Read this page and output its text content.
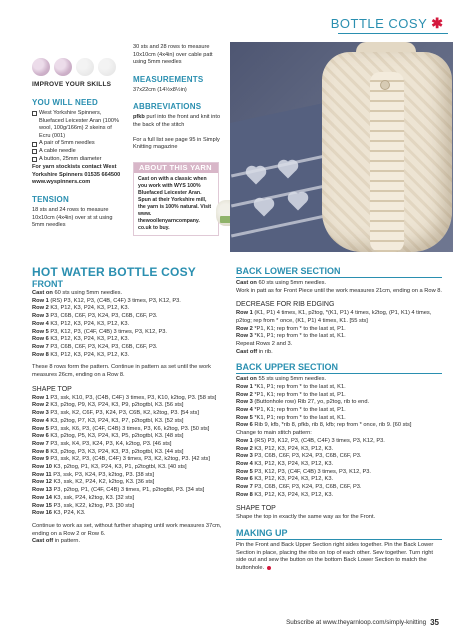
BOTTLE COSY ✱
IMPROVE YOUR SKILLS
YOU WILL NEED
West Yorkshire Spinners, Bluefaced Leicester Aran (100% wool, 100g/166m) 2 skeins of Ecru (001)
A pair of 5mm needles
A cable needle
A button, 25mm diameter
For yarn stockists contact West Yorkshire Spinners 01535 664500 www.wyspinners.com
TENSION
18 sts and 24 rows to measure 10x10cm (4x4in) over st st using 5mm needles
30 sts and 28 rows to measure 10x10cm (4x4in) over cable patt using 5mm needles
MEASUREMENTS
37x22cm (14½x8½in)
ABBREVIATIONS
pfkb purl into the front and knit into the back of the stitch
For a full list see page 95 in Simply Knitting magazine
ABOUT THIS YARN
Cast on with a classic when you work with WYS 100% Bluefaced Leicester Aran. Spun at their Yorkshire mill, the yarn is 100% natural. Visit www. thewoollenyarncompany. co.uk to buy.
HOT WATER BOTTLE COSY
FRONT
Cast on 60 sts using 5mm needles.
Row 1 (RS) P3, K12, P3, (C4B, C4F) 3 times, P3, K12, P3.
Row 2 K3, P12, K3, P24, K3, P12, K3.
Row 3 P3, C6B, C6F, P3, K24, P3, C6B, C6F, P3.
Row 4 K3, P12, K3, P24, K3, P12, K3.
Row 5 P3, K12, P3, (C4F, C4B) 3 times, P3, K12, P3.
Row 6 K3, P12, K3, P24, K3, P12, K3.
Row 7 P3, C6B, C6F, P3, K24, P3, C6B, C6F, P3.
Row 8 K3, P12, K3, P24, K3, P12, K3.
These 8 rows form the pattern. Continue in pattern as set until the work measures 26cm, ending on a Row 8.
SHAPE TOP
Row 1 P3, ssk, K10, P3, (C4B, C4F) 3 times, P3, K10, k2tog, P3. [58 sts]
Row 2 K3, p2tog, P9, K3, P24, K3, P9, p2togtbl, K3. [56 sts]
Row 3 P3, ssk, K2, C6F, P3, K24, P3, C6B, K2, k2tog, P3. [54 sts]
Row 4 K3, p2tog, P7, K3, P24, K3, P7, p2togtbl, K3. [52 sts]
Row 5 P3, ssk, K6, P3, (C4F, C4B) 3 times, P3, K6, k2tog, P3. [50 sts]
Row 6 K3, p2tog, P5, K3, P24, K3, P5, p2togtbl, K3. [48 sts]
Row 7 P3, ssk, K4, P3, K24, P3, K4, k2tog, P3. [46 sts]
Row 8 K3, p2tog, P3, K3, P24, K3, P3, p2togtbl, K3. [44 sts]
Row 9 P3, ssk, K2, P3, (C4B, C4F) 3 times, P3, K2, k2tog, P3. [42 sts]
Row 10 K3, p2tog, P1, K3, P24, K3, P1, p2togtbl, K3. [40 sts]
Row 11 P3, ssk, P3, K24, P3, k2tog, P3. [38 sts]
Row 12 K3, ssk, K2, P24, K2, k2tog, K3. [36 sts]
Row 13 P3, p2tog, P1, (C4F, C4B) 3 times, P1, p2togtbl, P3. [34 sts]
Row 14 K3, ssk, P24, k2tog, K3. [32 sts]
Row 15 P3, ssk, K22, k2tog, P3. [30 sts]
Row 16 K3, P24, K3.
Continue to work as set, without further shaping until work measures 37cm, ending on a Row 2 or Row 6.
Cast off in pattern.
BACK LOWER SECTION
Cast on 60 sts using 5mm needles.
Work in patt as for Front Piece until the work measures 21cm, ending on a Row 8.
DECREASE FOR RIB EDGING
Row 1 (K1, P1) 4 times, K1, p2tog, *(K1, P1) 4 times, k2tog, (P1, K1) 4 times, p2tog; rep from * once, (K1, P1) 4 times, K1. [55 sts]
Row 2 *P1, K1; rep from * to the last st, P1.
Row 3 *K1, P1; rep from * to the last st, K1.
Repeat Rows 2 and 3.
Cast off in rib.
BACK UPPER SECTION
Cast on 55 sts using 5mm needles.
Row 1 *K1, P1; rep from * to the last st, K1.
Row 2 *P1, K1; rep from * to the last st, P1.
Row 3 (Buttonhole row) Rib 27, yo, p2tog, rib to end.
Row 4 *P1, K1; rep from * to the last st, P1.
Row 5 *K1, P1; rep from * to the last st, K1.
Row 6 Rib 9, kfb, *rib 8, pfkb, rib 8, kfb; rep from * once, rib 9. [60 sts]
Change to main stitch pattern:
Row 1 (RS) P3, K12, P3, (C4B, C4F) 3 times, P3, K12, P3.
Row 2 K3, P12, K3, P24, K3, P12, K3.
Row 3 P3, C6B, C6F, P3, K24, P3, C6B, C6F, P3.
Row 4 K3, P12, K3, P24, K3, P12, K3.
Row 5 P3, K12, P3, (C4F, C4B) 3 times, P3, K12, P3.
Row 6 K3, P12, K3, P24, K3, P12, K3.
Row 7 P3, C6B, C6F, P3, K24, P3, C6B, C6F, P3.
Row 8 K3, P12, K3, P24, K3, P12, K3.
SHAPE TOP
Shape the top in exactly the same way as for the Front.
MAKING UP
Pin the Front and Back Upper Section right sides together. Pin the Back Lower Section in place, placing the ribs on top of each other. Sew together. Turn right side out and sew the button on the bottom Back Lower Section to match the buttonhole.
Subscribe at www.theyarnloop.com/simply-knitting 35
